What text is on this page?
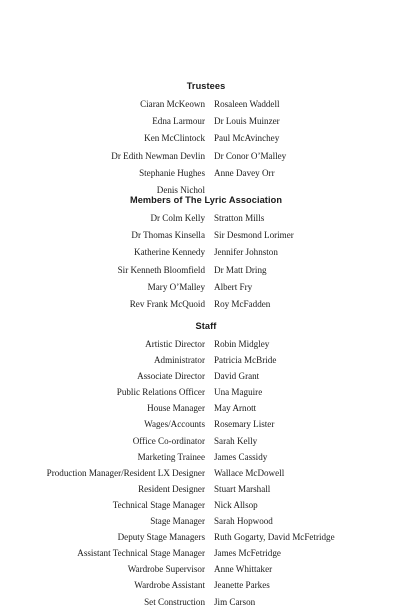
Trustees
Ciaran McKeown Rosaleen Waddell
Edna Larmour Dr Louis Muinzer
Ken McClintock Paul McAvinchey
Dr Edith Newman Devlin Dr Conor O’Malley
Stephanie Hughes Anne Davey Orr
Denis Nichol
Members of The Lyric Association
Dr Colm Kelly Stratton Mills
Dr Thomas Kinsella Sir Desmond Lorimer
Katherine Kennedy Jennifer Johnston
Sir Kenneth Bloomfield Dr Matt Dring
Mary O’Malley Albert Fry
Rev Frank McQuoid Roy McFadden
Staff
Artistic Director Robin Midgley
Administrator Patricia McBride
Associate Director David Grant
Public Relations Officer Una Maguire
House Manager May Arnott
Wages/Accounts Rosemary Lister
Office Co-ordinator Sarah Kelly
Marketing Trainee James Cassidy
Production Manager/Resident LX Designer Wallace McDowell
Resident Designer Stuart Marshall
Technical Stage Manager Nick Allsop
Stage Manager Sarah Hopwood
Deputy Stage Managers Ruth Gogarty, David McFetridge
Assistant Technical Stage Manager James McFetridge
Wardrobe Supervisor Anne Whittaker
Wardrobe Assistant Jeanette Parkes
Set Construction Jim Carson
